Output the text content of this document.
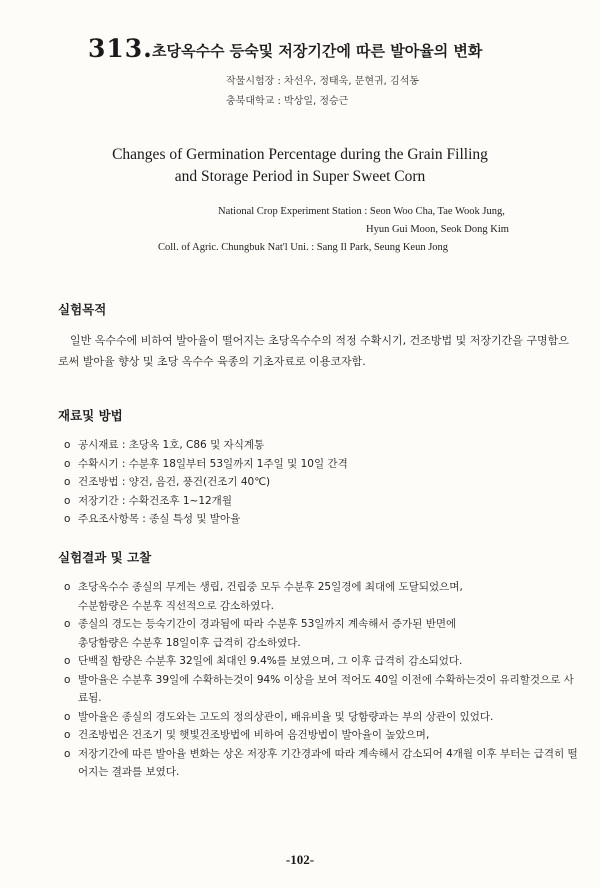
313. 초당옥수수 등숙및 저장기간에 따른 발아율의 변화
작물시험장 : 차선우, 정태욱, 문현귀, 김석동
충북대학교 : 박상일, 정승근
Changes of Germination Percentage during the Grain Filling
and Storage Period in Super Sweet Corn
National Crop Experiment Station : Seon Woo Cha, Tae Wook Jung,
Hyun Gui Moon, Seok Dong Kim
Coll. of Agric. Chungbuk Nat'l Uni. : Sang Il Park, Seung Keun Jong
실험목적
일반 옥수수에 비하여 발아율이 떨어지는 초당옥수수의 적정 수확시기, 건조방법 및 저장기간을 구명함으로써 발아율 향상 및 초당 옥수수 육종의 기초자료로 이용코자함.
재료및 방법
o 공시재료 : 초당옥 1호, C86 및 자식계통
o 수확시기 : 수분후 18일부터 53일까지 1주일 및 10일 간격
o 건조방법 : 양건, 음건, 풍건(건조기 40℃)
o 저장기간 : 수확건조후 1~12개월
o 주요조사항목 : 종실 특성 및 발아율
실험결과 및 고찰
o 초당옥수수 종실의 무게는 생립, 건립중 모두 수분후 25일경에 최대에 도달되었으며, 수분함량은 수분후 직선적으로 감소하였다.
o 종실의 경도는 등숙기간이 경과됨에 따라 수분후 53일까지 계속해서 증가된 반면에 총당함량은 수분후 18일이후 급격히 감소하였다.
o 단백질 함량은 수분후 32일에 최대인 9.4%를 보였으며, 그 이후 급격히 감소되었다.
o 발아율은 수분후 39일에 수확하는것이 94% 이상을 보여 적어도 40일 이전에 수확하는것이 유리할것으로 사료됨.
o 발아율은 종실의 경도와는 고도의 정의상관이, 배유비율 및 당함량과는 부의 상관이 있었다.
o 건조방법은 건조기 및 햇빛건조방법에 비하여 음건방법이 발아율이 높았으며,
o 저장기간에 따른 발아율 변화는 상온 저장후 기간경과에 따라 계속해서 감소되어 4개월 이후 부터는 급격히 떨어지는 결과를 보였다.
-102-
